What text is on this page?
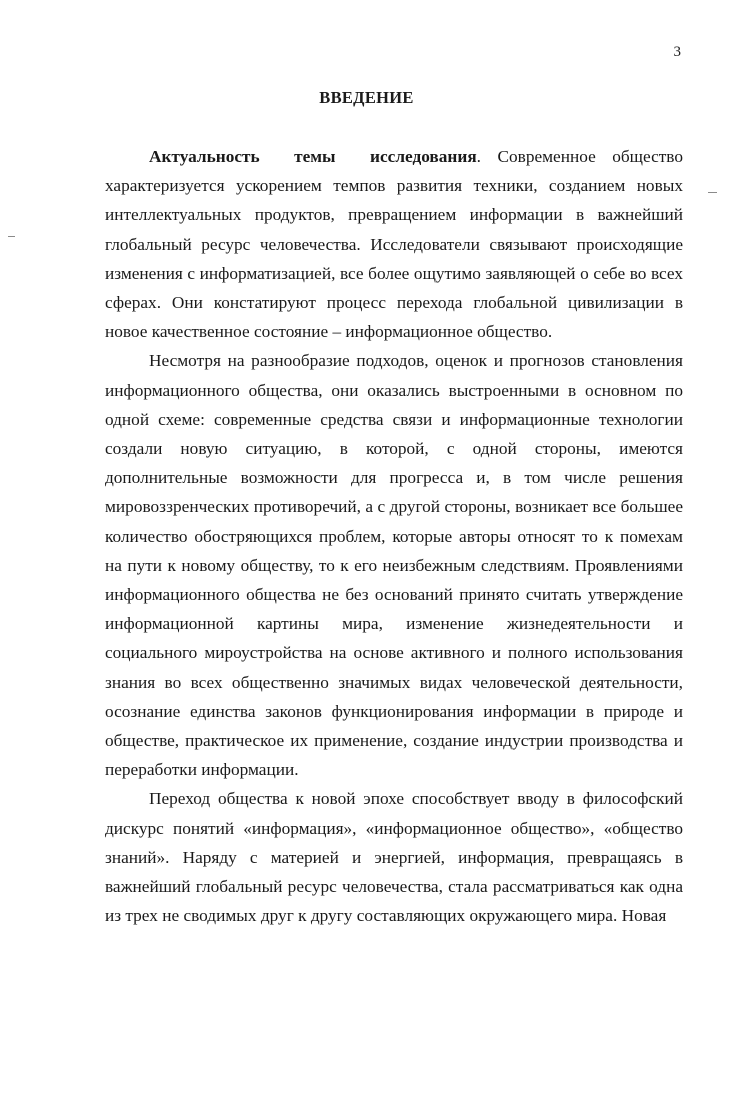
3
ВВЕДЕНИЕ

Актуальность темы исследования. Современное общество характеризуется ускорением темпов развития техники, созданием новых интеллектуальных продуктов, превращением информации в важнейший глобальный ресурс человечества. Исследователи связывают происходящие изменения с информатизацией, все более ощутимо заявляющей о себе во всех сферах. Они констатируют процесс перехода глобальной цивилизации в новое качественное состояние – информационное общество.

Несмотря на разнообразие подходов, оценок и прогнозов становления информационного общества, они оказались выстроенными в основном по одной схеме: современные средства связи и информационные технологии создали новую ситуацию, в которой, с одной стороны, имеются дополнительные возможности для прогресса и, в том числе решения мировоззренческих противоречий, а с другой стороны, возникает все большее количество обостряющихся проблем, которые авторы относят то к помехам на пути к новому обществу, то к его неизбежным следствиям. Проявлениями информационного общества не без оснований принято считать утверждение информационной картины мира, изменение жизнедеятельности и социального мироустройства на основе активного и полного использования знания во всех общественно значимых видах человеческой деятельности, осознание единства законов функционирования информации в природе и обществе, практическое их применение, создание индустрии производства и переработки информации.

Переход общества к новой эпохе способствует вводу в философский дискурс понятий «информация», «информационное общество», «общество знаний». Наряду с материей и энергией, информация, превращаясь в важнейший глобальный ресурс человечества, стала рассматриваться как одна из трех не сводимых друг к другу составляющих окружающего мира. Новая
